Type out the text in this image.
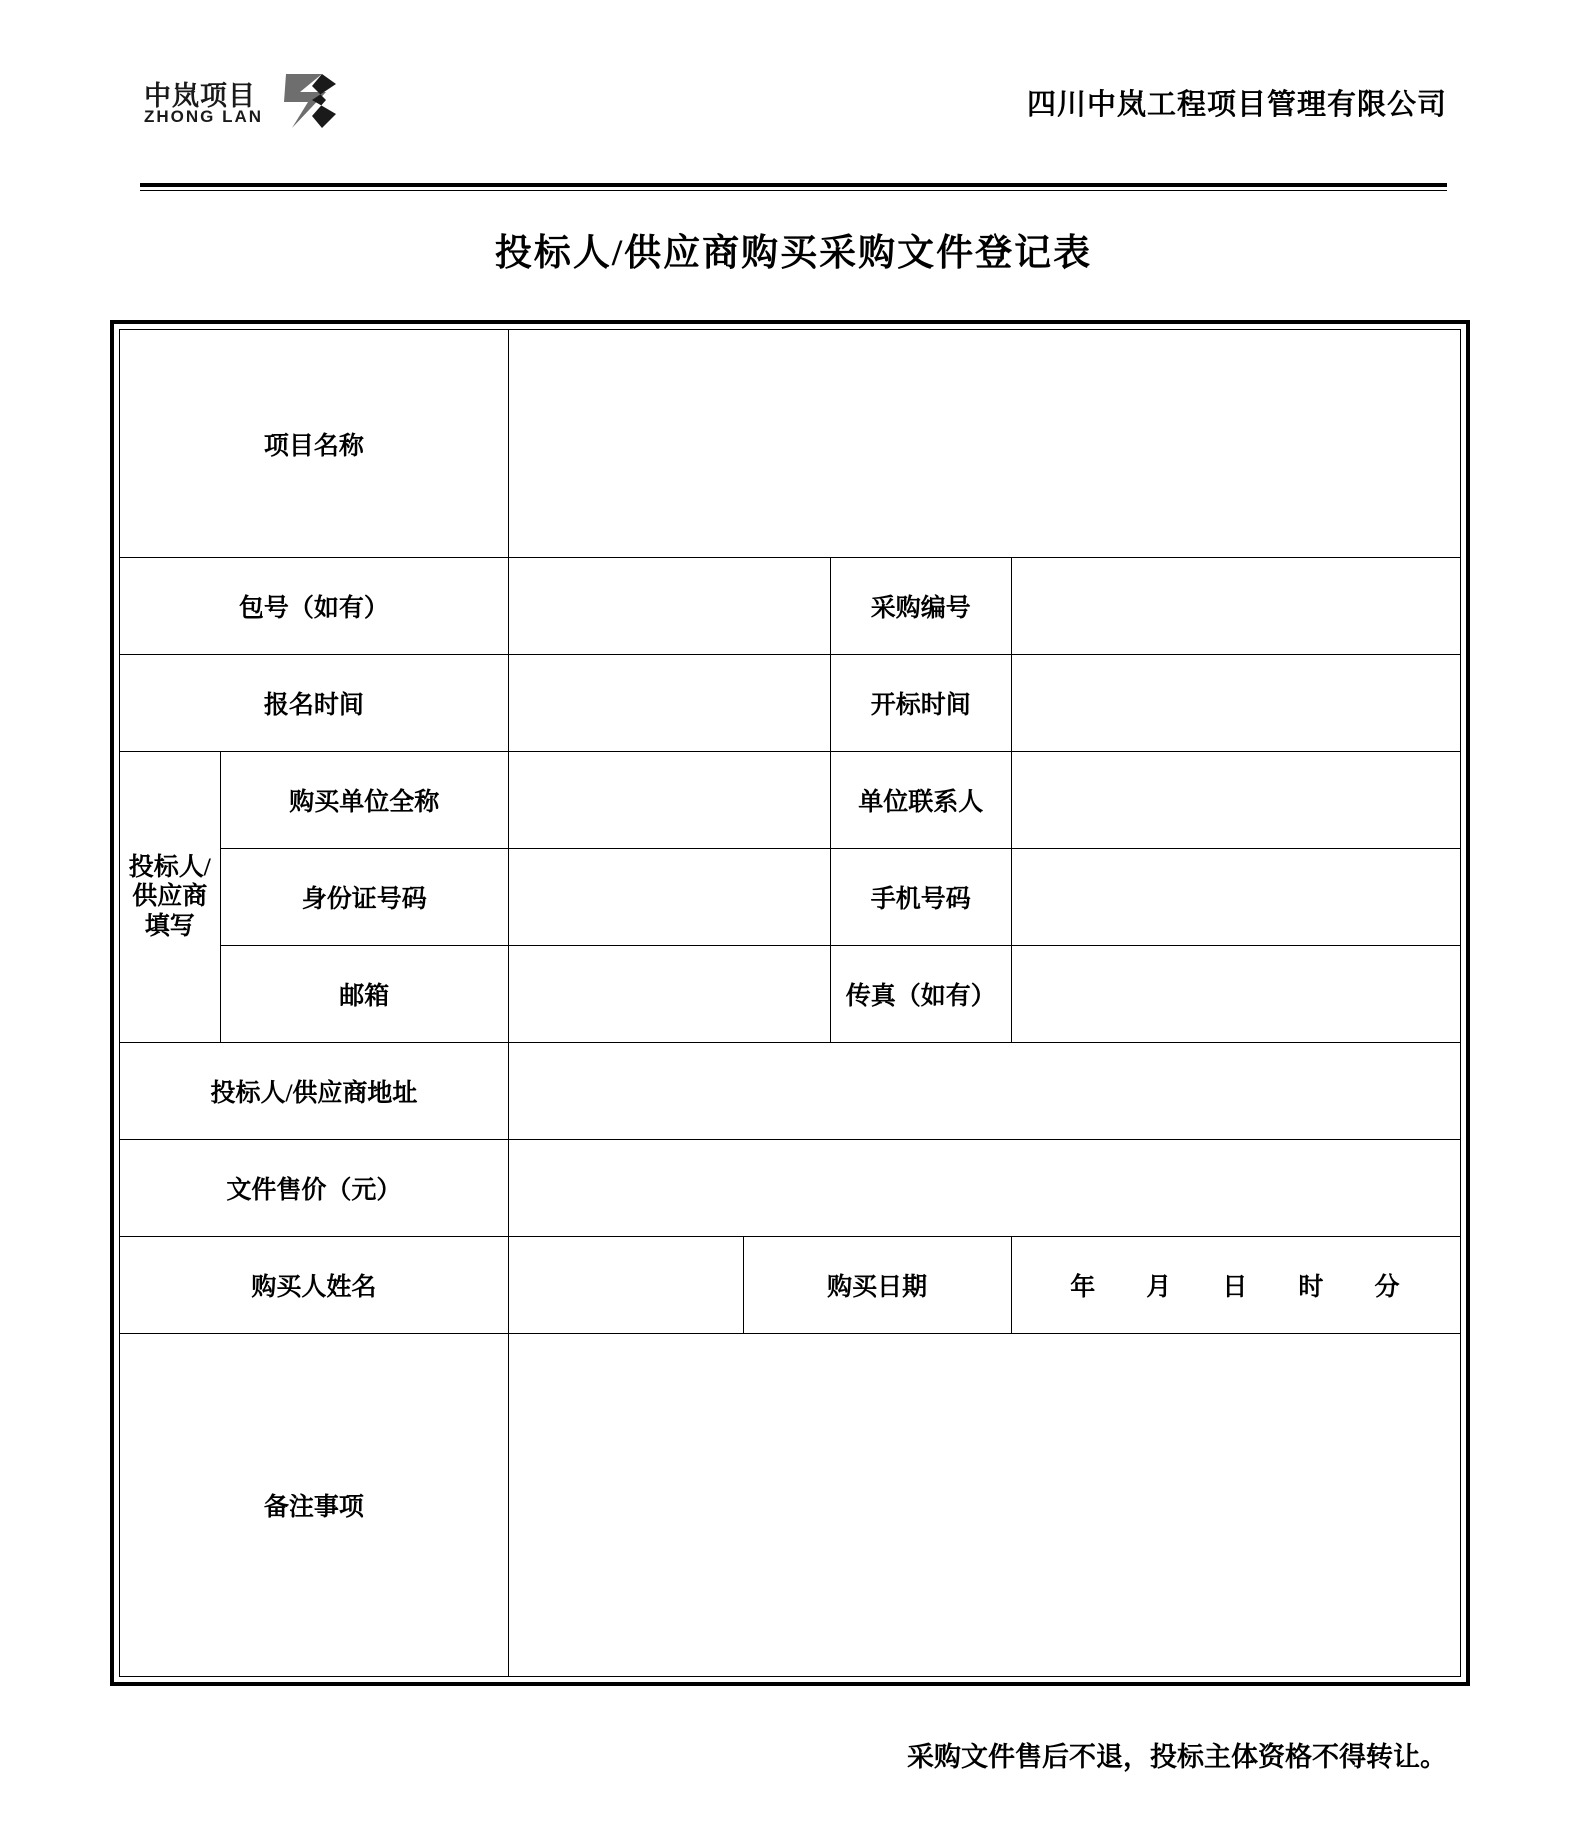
中岚项目
ZHONG LAN	四川中岚工程项目管理有限公司
投标人/供应商购买采购文件登记表
项目名称					
包号（如有）				采购编号	
报名时间				开标时间	
投标人/供应商填写	购买单位全称			单位联系人	
	身份证号码			手机号码	
	邮箱			传真（如有）	
投标人/供应商地址					
文件售价（元）					
购买人姓名			购买日期		年 月 日 时 分

备注事项					
采购文件售后不退，投标主体资格不得转让。
